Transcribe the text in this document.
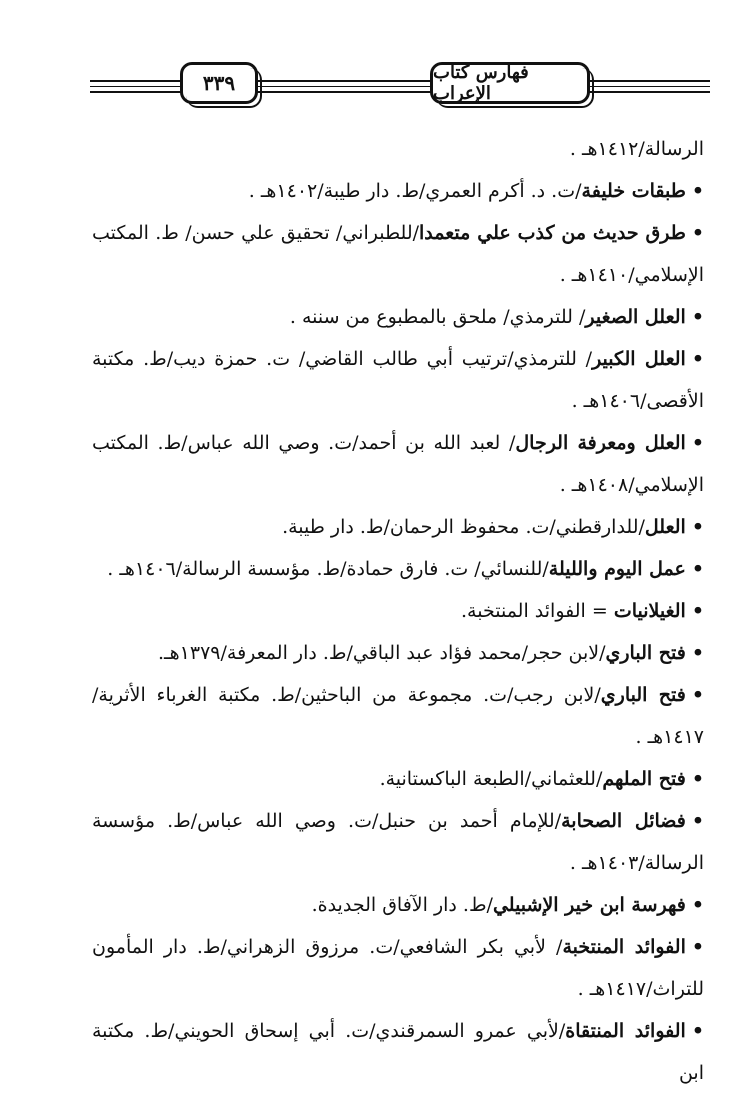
٣٣٩	فهارس كتاب الإعراب
الرسالة/١٤١٢هـ .
•طبقات خليفة/ت. د. أكرم العمري/ط. دار طيبة/١٤٠٢هـ .
•طرق حديث من كذب علي متعمدا/للطبراني/ تحقيق علي حسن/ ط. المكتب الإسلامي/١٤١٠هـ .
•العلل الصغير/ للترمذي/ ملحق بالمطبوع من سننه .
•العلل الكبير/ للترمذي/ترتيب أبي طالب القاضي/ ت. حمزة ديب/ط. مكتبة الأقصى/١٤٠٦هـ .
•العلل ومعرفة الرجال/ لعبد الله بن أحمد/ت. وصي الله عباس/ط. المكتب الإسلامي/١٤٠٨هـ .
•العلل/للدارقطني/ت. محفوظ الرحمان/ط. دار طيبة.
•عمل اليوم والليلة/للنسائي/ ت. فارق حمادة/ط. مؤسسة الرسالة/١٤٠٦هـ .
•الغيلانيات = الفوائد المنتخبة.
•فتح الباري/لابن حجر/محمد فؤاد عبد الباقي/ط. دار المعرفة/١٣٧٩هـ.
•فتح الباري/لابن رجب/ت. مجموعة من الباحثين/ط. مكتبة الغرباء الأثرية/١٤١٧هـ .
•فتح الملهم/للعثماني/الطبعة الباكستانية.
•فضائل الصحابة/للإمام أحمد بن حنبل/ت. وصي الله عباس/ط. مؤسسة الرسالة/١٤٠٣هـ .
•فهرسة ابن خير الإشبيلي/ط. دار الآفاق الجديدة.
•الفوائد المنتخبة/ لأبي بكر الشافعي/ت. مرزوق الزهراني/ط. دار المأمون للتراث/١٤١٧هـ .
•الفوائد المنتقاة/لأبي عمرو السمرقندي/ت. أبي إسحاق الحويني/ط. مكتبة ابن
